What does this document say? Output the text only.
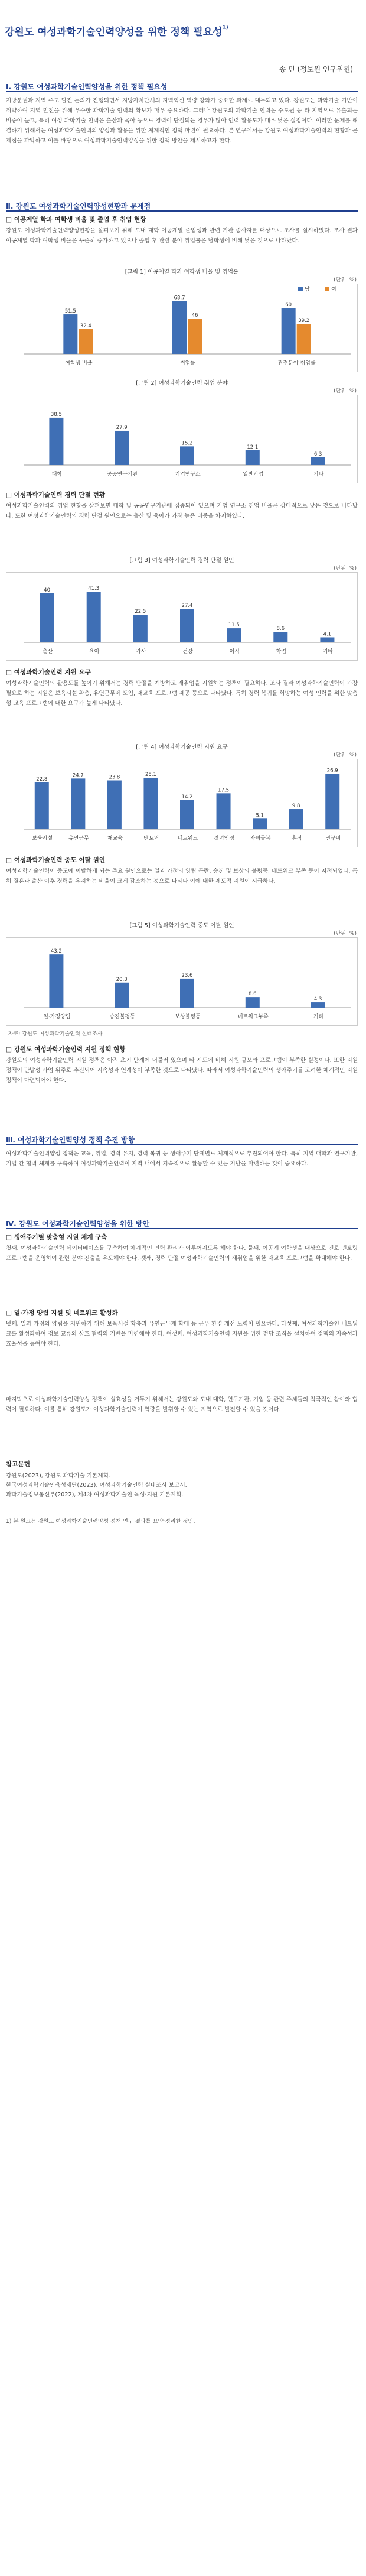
강원도 여성과학기술인력양성을 위한 정책 필요성$^{^{1)}}$
송 민 (정보원 연구위원)
Ⅰ. 강원도 여성과학기술인력양성을 위한 정책 필요성
지방분권과 지역 주도 발전 논의가 진행되면서 지방자치단체의 지역혁신 역량 강화가 중요한 과제로 대두되고 있다. 강원도는 과학기술 기반이 취약하여 지역 발전을 위해 우수한 과학기술 인력의 확보가 매우 중요하다. 그러나 강원도의 과학기술 인력은 수도권 등 타 지역으로 유출되는 비중이 높고, 특히 여성 과학기술 인력은 출산과 육아 등으로 경력이 단절되는 경우가 많아 인력 활용도가 매우 낮은 실정이다. 이러한 문제를 해결하기 위해서는 여성과학기술인력의 양성과 활용을 위한 체계적인 정책 마련이 필요하다. 본 연구에서는 강원도 여성과학기술인력의 현황과 문제점을 파악하고 이를 바탕으로 여성과학기술인력양성을 위한 정책 방안을 제시하고자 한다.
Ⅱ. 강원도 여성과학기술인력양성현황과 문제점
□ 이공계열 학과 여학생 비율 및 졸업 후 취업 현황
강원도 여성과학기술인력양성현황을 살펴보기 위해 도내 대학 이공계열 졸업생과 관련 기관 종사자를 대상으로 조사를 실시하였다. 조사 결과 이공계열 학과 여학생 비율은 꾸준히 증가하고 있으나 졸업 후 관련 분야 취업률은 남학생에 비해 낮은 것으로 나타났다.
[그림 1] 이공계열 학과 여학생 비율 및 취업률
(단위: %)
여학생 비율
51.5
32.4
취업률
68.7
46
관련분야 취업률
60
39.2
남	여
[그림 2] 여성과학기술인력 취업 분야
(단위: %)
대학
38.5
공공연구기관
27.9
기업연구소
15.2
일반기업
12.1
기타
6.3
□ 여성과학기술인력 경력 단절 현황
여성과학기술인력의 취업 현황을 살펴보면 대학 및 공공연구기관에 집중되어 있으며 기업 연구소 취업 비율은 상대적으로 낮은 것으로 나타났다. 또한 여성과학기술인력의 경력 단절 원인으로는 출산 및 육아가 가장 높은 비중을 차지하였다.
[그림 3] 여성과학기술인력 경력 단절 원인
(단위: %)
출산
40
육아
41.3
가사
22.5
건강
27.4
이직
11.5
학업
8.6
기타
4.1
□ 여성과학기술인력 지원 요구
여성과학기술인력의 활용도를 높이기 위해서는 경력 단절을 예방하고 재취업을 지원하는 정책이 필요하다. 조사 결과 여성과학기술인력이 가장 필요로 하는 지원은 보육시설 확충, 유연근무제 도입, 재교육 프로그램 제공 등으로 나타났다. 특히 경력 복귀를 희망하는 여성 인력을 위한 맞춤형 교육 프로그램에 대한 요구가 높게 나타났다.
[그림 4] 여성과학기술인력 지원 요구
(단위: %)
보육시설
22.8
유연근무
24.7
재교육
23.8
멘토링
25.1
네트워크
14.2
경력인정
17.5
자녀돌봄
5.1
휴직
9.8
연구비
26.9
□ 여성과학기술인력 중도 이탈 원인
여성과학기술인력이 중도에 이탈하게 되는 주요 원인으로는 일과 가정의 양립 곤란, 승진 및 보상의 불평등, 네트워크 부족 등이 지적되었다. 특히 결혼과 출산 이후 경력을 유지하는 비율이 크게 감소하는 것으로 나타나 이에 대한 제도적 지원이 시급하다.
[그림 5] 여성과학기술인력 중도 이탈 원인
(단위: %)
일·가정양립
43.2
승진불평등
20.3
보상불평등
23.6
네트워크부족
8.6
기타
4.3
자료: 강원도 여성과학기술인력 실태조사
□ 강원도 여성과학기술인력 지원 정책 현황
강원도의 여성과학기술인력 지원 정책은 아직 초기 단계에 머물러 있으며 타 시도에 비해 지원 규모와 프로그램이 부족한 실정이다. 또한 지원 정책이 단발성 사업 위주로 추진되어 지속성과 연계성이 부족한 것으로 나타났다. 따라서 여성과학기술인력의 생애주기를 고려한 체계적인 지원 정책이 마련되어야 한다.
Ⅲ. 여성과학기술인력양성 정책 추진 방향
여성과학기술인력양성 정책은 교육, 취업, 경력 유지, 경력 복귀 등 생애주기 단계별로 체계적으로 추진되어야 한다. 특히 지역 대학과 연구기관, 기업 간 협력 체계를 구축하여 여성과학기술인력이 지역 내에서 지속적으로 활동할 수 있는 기반을 마련하는 것이 중요하다.
Ⅳ. 강원도 여성과학기술인력양성을 위한 방안
□ 생애주기별 맞춤형 지원 체계 구축
첫째, 여성과학기술인력 데이터베이스를 구축하여 체계적인 인력 관리가 이루어지도록 해야 한다. 둘째, 이공계 여학생을 대상으로 진로 멘토링 프로그램을 운영하여 관련 분야 진출을 유도해야 한다. 셋째, 경력 단절 여성과학기술인력의 재취업을 위한 재교육 프로그램을 확대해야 한다.
□ 일·가정 양립 지원 및 네트워크 활성화
넷째, 일과 가정의 양립을 지원하기 위해 보육시설 확충과 유연근무제 확대 등 근무 환경 개선 노력이 필요하다. 다섯째, 여성과학기술인 네트워크를 활성화하여 정보 교류와 상호 협력의 기반을 마련해야 한다. 여섯째, 여성과학기술인력 지원을 위한 전담 조직을 설치하여 정책의 지속성과 효율성을 높여야 한다.
마지막으로 여성과학기술인력양성 정책이 실효성을 거두기 위해서는 강원도와 도내 대학, 연구기관, 기업 등 관련 주체들의 적극적인 참여와 협력이 필요하다. 이를 통해 강원도가 여성과학기술인력이 역량을 발휘할 수 있는 지역으로 발전할 수 있을 것이다.
참고문헌
강원도(2023), 강원도 과학기술 기본계획.
한국여성과학기술인육성재단(2023), 여성과학기술인력 실태조사 보고서.
과학기술정보통신부(2022), 제4차 여성과학기술인 육성·지원 기본계획.
1) 본 원고는 강원도 여성과학기술인력양성 정책 연구 결과를 요약·정리한 것임.
